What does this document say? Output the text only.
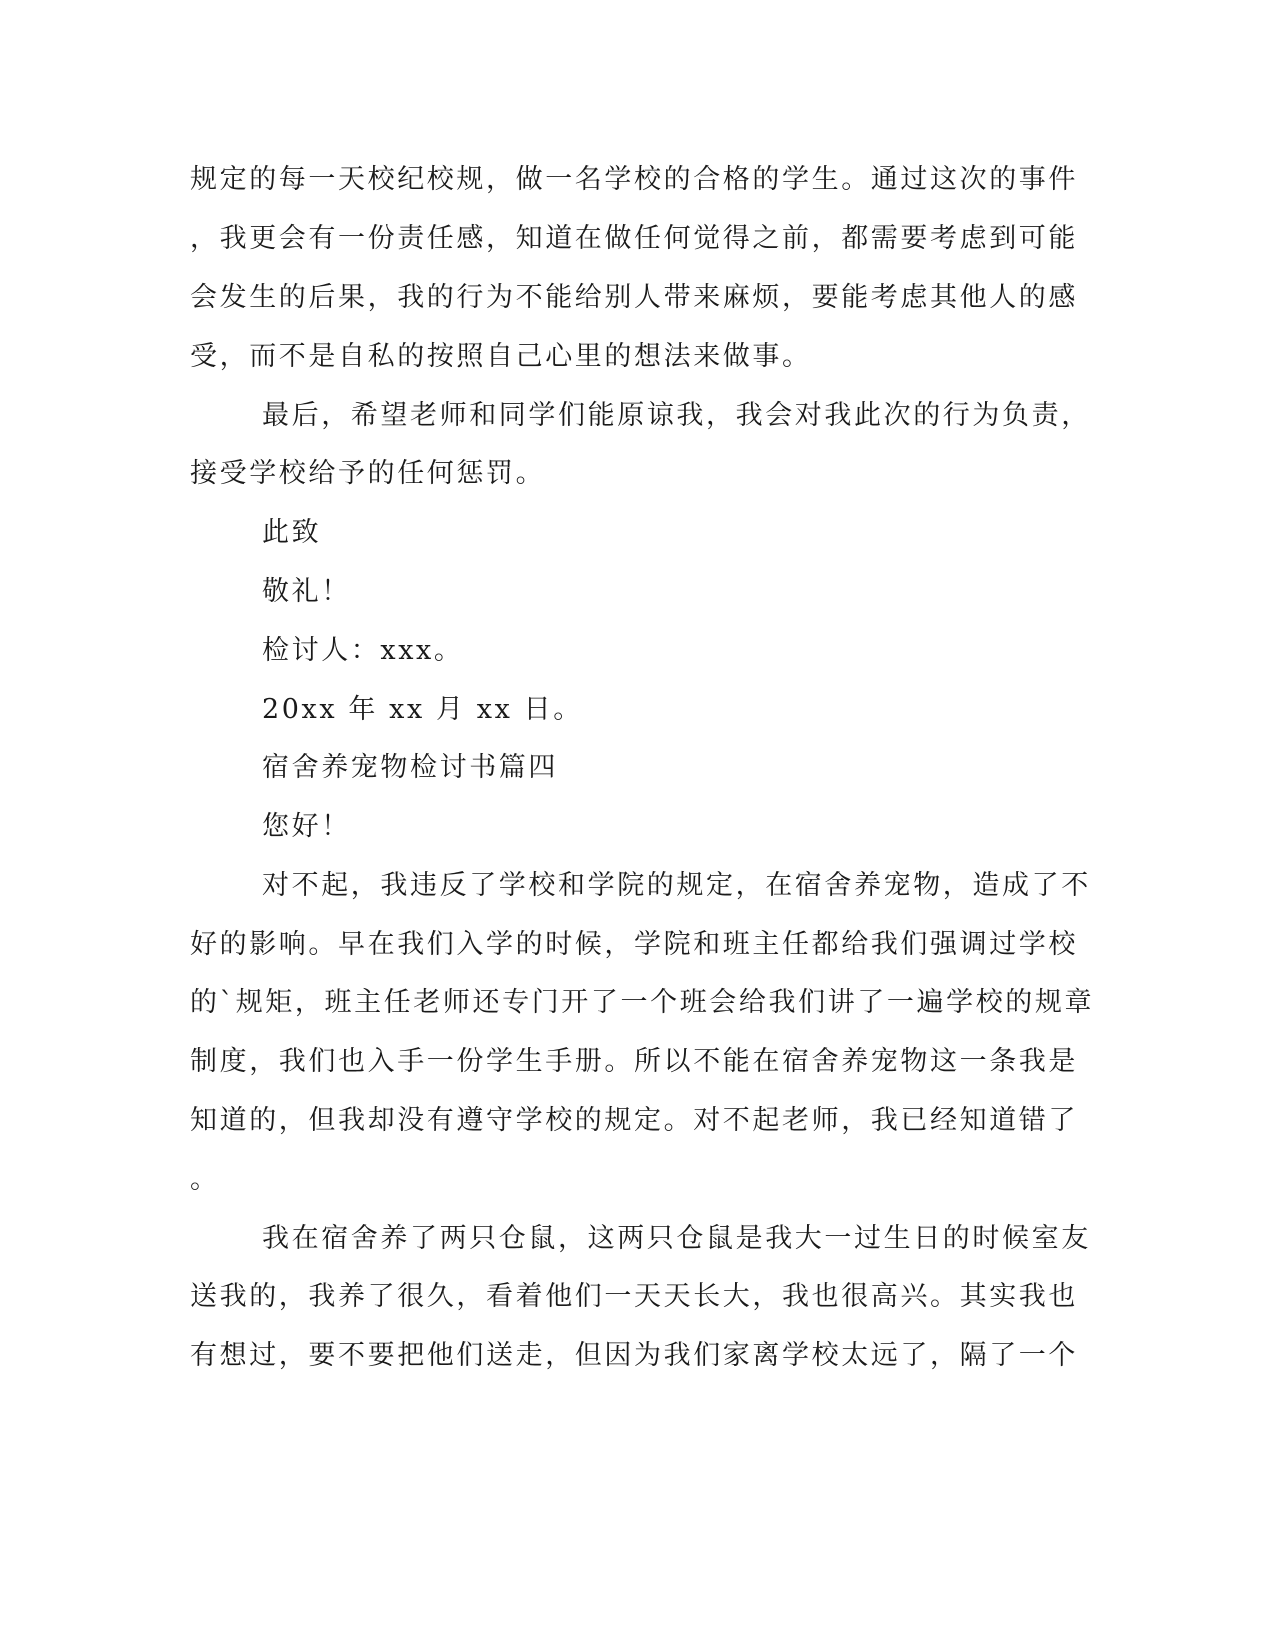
规定的每一天校纪校规，做一名学校的合格的学生。通过这次的事件
，我更会有一份责任感，知道在做任何觉得之前，都需要考虑到可能
会发生的后果，我的行为不能给别人带来麻烦，要能考虑其他人的感
受，而不是自私的按照自己心里的想法来做事。
最后，希望老师和同学们能原谅我，我会对我此次的行为负责，
接受学校给予的任何惩罚。
此致
敬礼！
检讨人：xxx。
20xx 年 xx 月 xx 日。
宿舍养宠物检讨书篇四
您好！
对不起，我违反了学校和学院的规定，在宿舍养宠物，造成了不
好的影响。早在我们入学的时候，学院和班主任都给我们强调过学校
的`规矩，班主任老师还专门开了一个班会给我们讲了一遍学校的规章
制度，我们也入手一份学生手册。所以不能在宿舍养宠物这一条我是
知道的，但我却没有遵守学校的规定。对不起老师，我已经知道错了
。
我在宿舍养了两只仓鼠，这两只仓鼠是我大一过生日的时候室友
送我的，我养了很久，看着他们一天天长大，我也很高兴。其实我也
有想过，要不要把他们送走，但因为我们家离学校太远了，隔了一个
